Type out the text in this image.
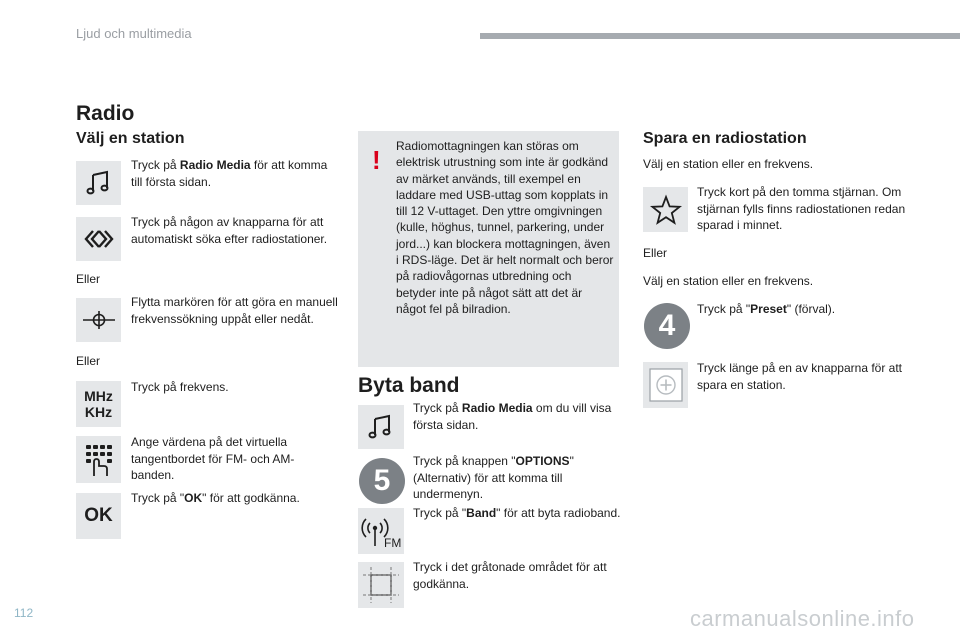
Ljud och multimedia
Radio
Välj en station
Tryck på Radio Media för att komma till första sidan.
Tryck på någon av knapparna för att automatiskt söka efter radiostationer.
Eller
Flytta markören för att göra en manuell frekvenssökning uppåt eller nedåt.
Eller
MHz
KHz
Tryck på frekvens.
Ange värdena på det virtuella tangentbordet för FM- och AM-banden.
OK
Tryck på "OK" för att godkänna.
! Radiomottagningen kan störas om elektrisk utrustning som inte är godkänd av märket används, till exempel en laddare med USB-uttag som kopplats in till 12 V-uttaget. Den yttre omgivningen (kulle, höghus, tunnel, parkering, under jord...) kan blockera mottagningen, även i RDS-läge. Det är helt normalt och beror på radiovågornas utbredning och betyder inte på något sätt att det är något fel på bilradion.
Byta band
Tryck på Radio Media om du vill visa första sidan.
5
Tryck på knappen "OPTIONS" (Alternativ) för att komma till undermenyn.
FM
Tryck på "Band" för att byta radioband.
Tryck i det gråtonade området för att godkänna.
Spara en radiostation
Välj en station eller en frekvens.
Tryck kort på den tomma stjärnan. Om stjärnan fylls finns radiostationen redan sparad i minnet.
Eller
Välj en station eller en frekvens.
4	Tryck på "Preset" (förval).
Tryck länge på en av knapparna för att spara en station.
112	carmanualsonline.info
